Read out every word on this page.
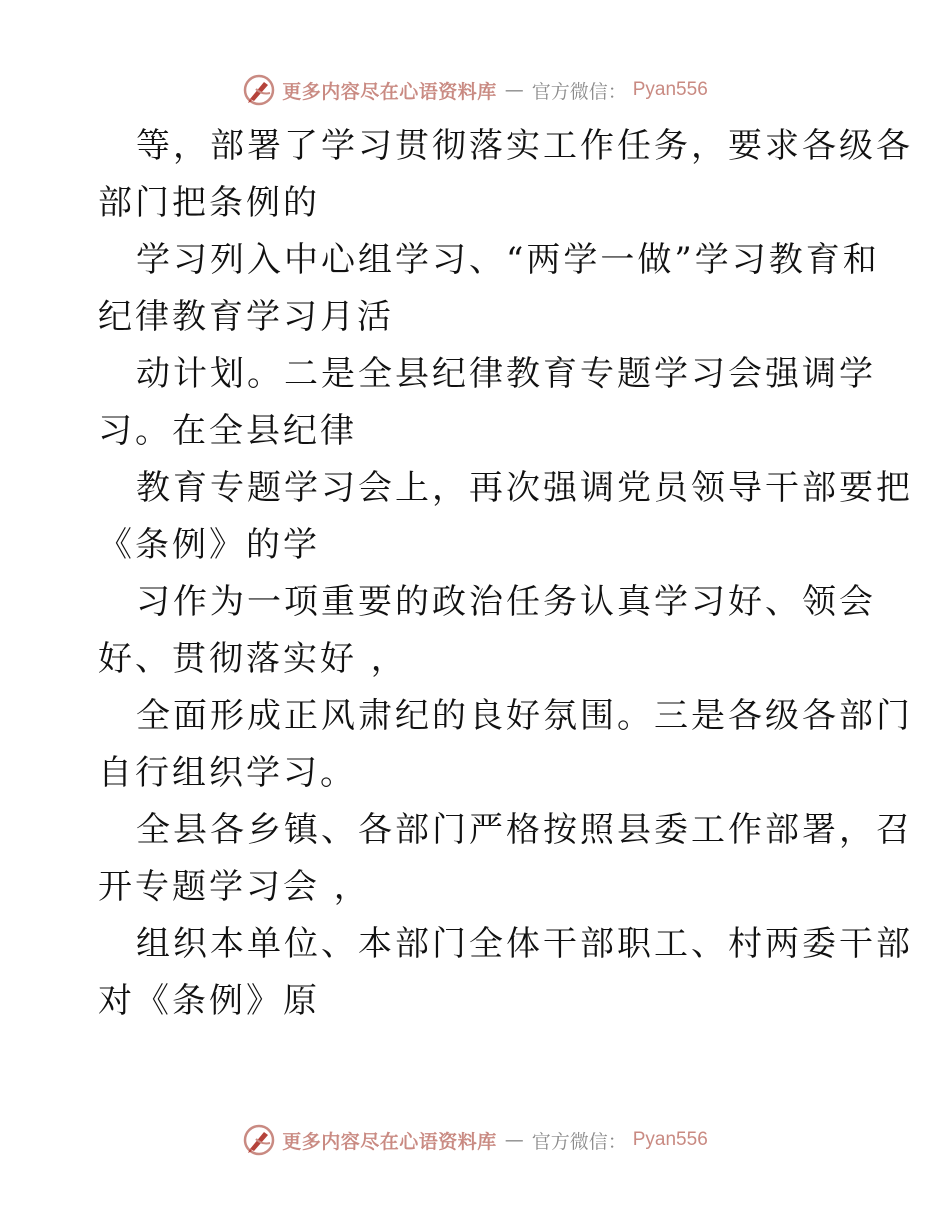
更多内容尽在心语资料库 — 官方微信： Pyan556
等，部署了学习贯彻落实工作任务，要求各级各
部门把条例的
学习列入中心组学习、“两学一做”学习教育和
纪律教育学习月活
动计划。二是全县纪律教育专题学习会强调学
习。在全县纪律
教育专题学习会上，再次强调党员领导干部要把
《条例》的学
习作为一项重要的政治任务认真学习好、领会
好、贯彻落实好 ，
全面形成正风肃纪的良好氛围。三是各级各部门
自行组织学习。
全县各乡镇、各部门严格按照县委工作部署，召
开专题学习会 ，
组织本单位、本部门全体干部职工、村两委干部
对《条例》原
更多内容尽在心语资料库 — 官方微信： Pyan556
